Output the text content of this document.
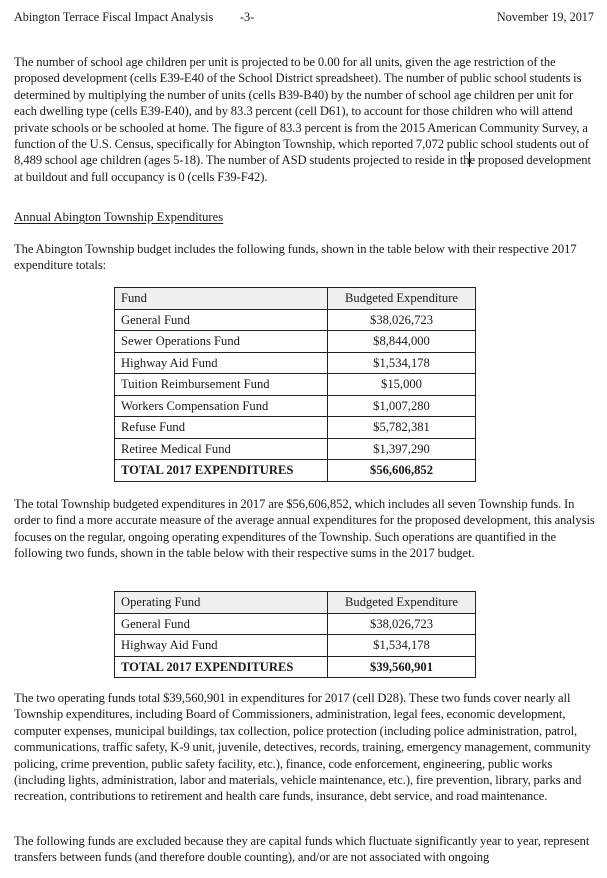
Abington Terrace Fiscal Impact Analysis -3-	November 19, 2017

The number of school age children per unit is projected to be 0.00 for all units, given the age restriction of the proposed development (cells E39-E40 of the School District spreadsheet). The number of public school students is determined by multiplying the number of units (cells B39-B40) by the number of school age children per unit for each dwelling type (cells E39-E40), and by 83.3 percent (cell D61), to account for those children who will attend private schools or be schooled at home. The figure of 83.3 percent is from the 2015 American Community Survey, a function of the U.S. Census, specifically for Abington Township, which reported 7,072 public school students out of 8,489 school age children (ages 5-18). The number of ASD students projected to reside in the proposed development at buildout and full occupancy is 0 (cells F39-F42).

Annual Abington Township Expenditures

The Abington Township budget includes the following funds, shown in the table below with their respective 2017 expenditure totals:

Fund	Budgeted Expenditure
General Fund	$38,026,723
Sewer Operations Fund	$8,844,000
Highway Aid Fund	$1,534,178
Tuition Reimbursement Fund	$15,000
Workers Compensation Fund	$1,007,280
Refuse Fund	$5,782,381
Retiree Medical Fund	$1,397,290
TOTAL 2017 EXPENDITURES	$56,606,852

The total Township budgeted expenditures in 2017 are $56,606,852, which includes all seven Township funds. In order to find a more accurate measure of the average annual expenditures for the proposed development, this analysis focuses on the regular, ongoing operating expenditures of the Township. Such operations are quantified in the following two funds, shown in the table below with their respective sums in the 2017 budget.

Operating Fund	Budgeted Expenditure
General Fund	$38,026,723
Highway Aid Fund	$1,534,178
TOTAL 2017 EXPENDITURES	$39,560,901

The two operating funds total $39,560,901 in expenditures for 2017 (cell D28). These two funds cover nearly all Township expenditures, including Board of Commissioners, administration, legal fees, economic development, computer expenses, municipal buildings, tax collection, police protection (including police administration, patrol, communications, traffic safety, K-9 unit, juvenile, detectives, records, training, emergency management, community policing, crime prevention, public safety facility, etc.), finance, code enforcement, engineering, public works (including lights, administration, labor and materials, vehicle maintenance, etc.), fire prevention, library, parks and recreation, contributions to retirement and health care funds, insurance, debt service, and road maintenance.

The following funds are excluded because they are capital funds which fluctuate significantly year to year, represent transfers between funds (and therefore double counting), and/or are not associated with ongoing
